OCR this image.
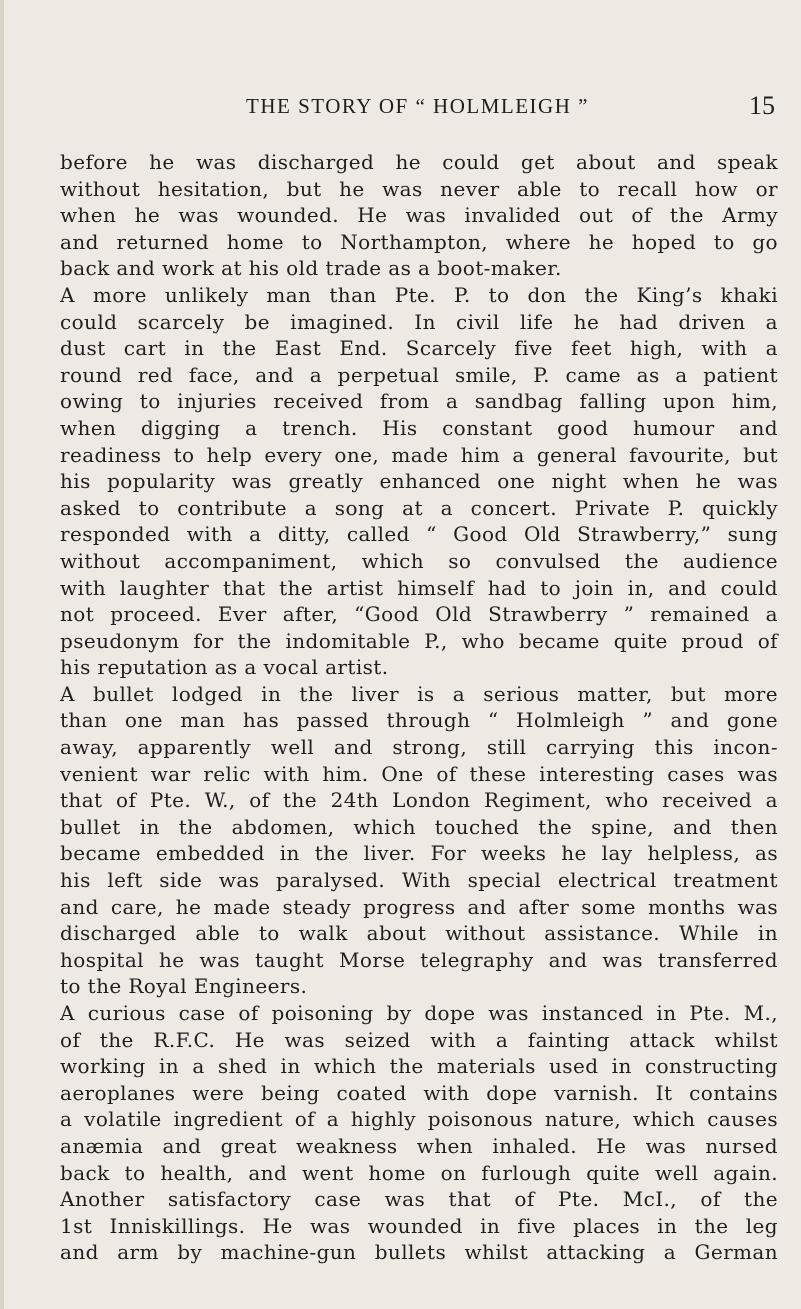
THE STORY OF “ HOLMLEIGH ”	15
before he was discharged he could get about and speak
without hesitation, but he was never able to recall how or
when he was wounded. He was invalided out of the Army
and returned home to Northampton, where he hoped to go
back and work at his old trade as a boot-maker.
A more unlikely man than Pte. P. to don the King’s khaki
could scarcely be imagined. In civil life he had driven a
dust cart in the East End. Scarcely five feet high, with a
round red face, and a perpetual smile, P. came as a patient
owing to injuries received from a sandbag falling upon him,
when digging a trench. His constant good humour and
readiness to help every one, made him a general favourite, but
his popularity was greatly enhanced one night when he was
asked to contribute a song at a concert. Private P. quickly
responded with a ditty, called “ Good Old Strawberry,” sung
without accompaniment, which so convulsed the audience
with laughter that the artist himself had to join in, and could
not proceed. Ever after, “Good Old Strawberry ” remained a
pseudonym for the indomitable P., who became quite proud of
his reputation as a vocal artist.
A bullet lodged in the liver is a serious matter, but more
than one man has passed through “ Holmleigh ” and gone
away, apparently well and strong, still carrying this incon-
venient war relic with him. One of these interesting cases was
that of Pte. W., of the 24th London Regiment, who received a
bullet in the abdomen, which touched the spine, and then
became embedded in the liver. For weeks he lay helpless, as
his left side was paralysed. With special electrical treatment
and care, he made steady progress and after some months was
discharged able to walk about without assistance. While in
hospital he was taught Morse telegraphy and was transferred
to the Royal Engineers.
A curious case of poisoning by dope was instanced in Pte. M.,
of the R.F.C. He was seized with a fainting attack whilst
working in a shed in which the materials used in constructing
aeroplanes were being coated with dope varnish. It contains
a volatile ingredient of a highly poisonous nature, which causes
anæmia and great weakness when inhaled. He was nursed
back to health, and went home on furlough quite well again.
Another satisfactory case was that of Pte. McI., of the
1st Inniskillings. He was wounded in five places in the leg
and arm by machine-gun bullets whilst attacking a German
